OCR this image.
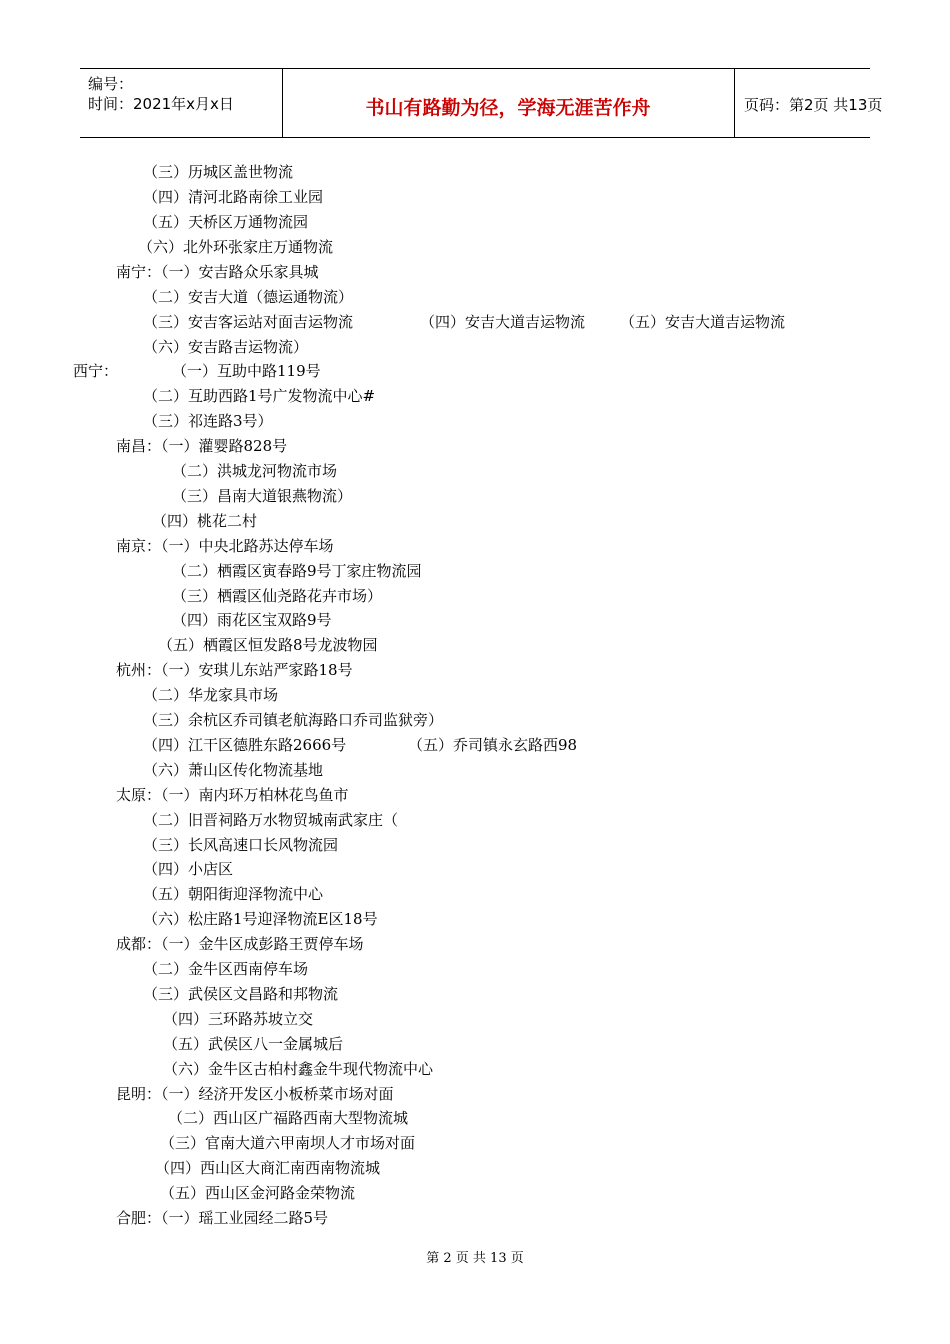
编号：
时间：2021年x月x日	书山有路勤为径，学海无涯苦作舟	页码：第2页 共13页
（三）历城区盖世物流
（四）清河北路南徐工业园
（五）天桥区万通物流园
（六）北外环张家庄万通物流
南宁：（一）安吉路众乐家具城
（二）安吉大道（德运通物流）
（三）安吉客运站对面吉运物流	（四）安吉大道吉运物流 （五）安吉大道吉运物流
（六）安吉路吉运物流）
西宁：	（一）互助中路119号
（二）互助西路1号广发物流中心#
（三）祁连路3号）
南昌：（一）灌婴路828号
（二）洪城龙河物流市场
（三）昌南大道银燕物流）
（四）桃花二村
南京：（一）中央北路苏达停车场
（二）栖霞区寅春路9号丁家庄物流园
（三）栖霞区仙尧路花卉市场）
（四）雨花区宝双路9号
（五）栖霞区恒发路8号龙波物园
杭州：（一）安琪儿东站严家路18号
（二）华龙家具市场
（三）余杭区乔司镇老航海路口乔司监狱旁）
（四）江干区德胜东路2666号	（五）乔司镇永玄路西98
（六）萧山区传化物流基地
太原：（一）南内环万柏林花鸟鱼市
（二）旧晋祠路万水物贸城南武家庄（
（三）长风高速口长风物流园
（四）小店区
（五）朝阳街迎泽物流中心
（六）松庄路1号迎泽物流E区18号
成都：（一）金牛区成彭路王贾停车场
（二）金牛区西南停车场
（三）武侯区文昌路和邦物流
（四）三环路苏坡立交
（五）武侯区八一金属城后
（六）金牛区古柏村鑫金牛现代物流中心
昆明：（一）经济开发区小板桥菜市场对面
（二）西山区广福路西南大型物流城
（三）官南大道六甲南坝人才市场对面
（四）西山区大商汇南西南物流城
（五）西山区金河路金荣物流
合肥：（一）瑶工业园经二路5号
第 2 页 共 13 页
